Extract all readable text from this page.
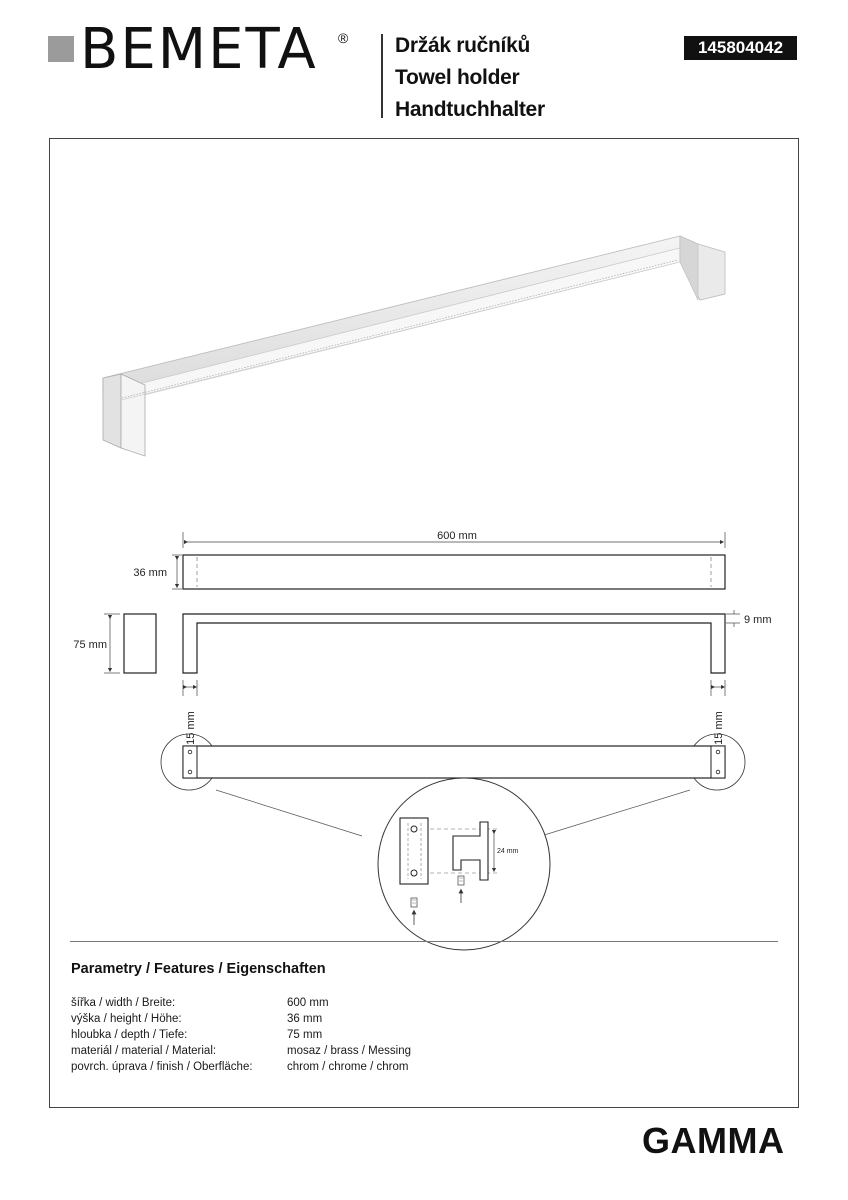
BEMETA ® Držák ručníků
Towel holder
Handtuchhalter
145804042
600 mm
36 mm
75 mm
9 mm
15 mm	15 mm
24 mm
Parametry / Features / Eigenschaften
šířka / width / Breite:	600 mm
výška / height / Höhe:	36 mm
hloubka / depth / Tiefe:	75 mm
materiál / material / Material:	mosaz / brass / Messing
povrch. úprava / finish / Oberfläche:	chrom / chrome / chrom
GAMMA
